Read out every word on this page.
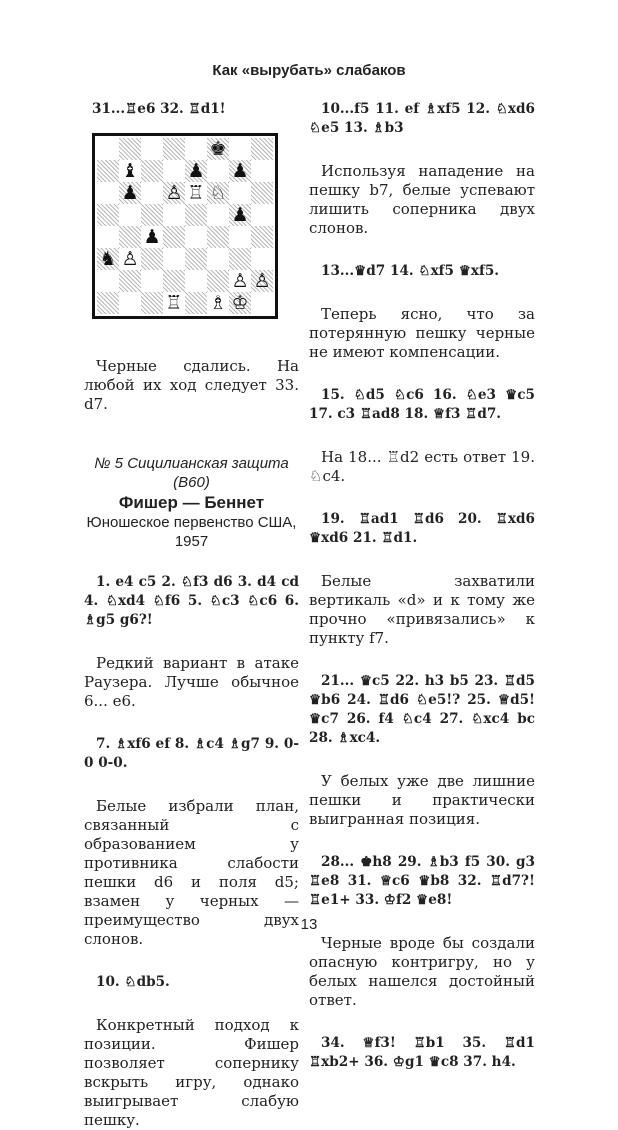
Как «вырубать» слабаков

31...♖e6 32. ♖d1!

♚
♝	♟ ♟
♟ ♙ ♖ ♘
♟
♟
♞ ♙
♙ ♙
♖ ♗ ♔

Черные сдались. На любой их ход следует 33. d7.

№ 5 Сицилианская защита (B60)

Фишер — Беннет

Юношеское первенство США, 1957

1. e4 c5 2. ♘f3 d6 3. d4 cd 4. ♘xd4 ♘f6 5. ♘c3 ♘c6 6. ♗g5 g6?!

Редкий вариант в атаке Раузера. Лучше обычное 6... e6.

7. ♗xf6 ef 8. ♗c4 ♗g7 9. 0-0 0-0.

Белые избрали план, связанный с образованием у противника слабости пешки d6 и поля d5; взамен у черных — преимущество двух слонов.

10. ♘db5.

Конкретный подход к позиции. Фишер позволяет сопернику вскрыть игру, однако выигрывает слабую пешку.

10...f5 11. ef ♗xf5 12. ♘xd6 ♘e5 13. ♗b3

Используя нападение на пешку b7, белые успевают лишить соперника двух слонов.

13...♛d7 14. ♘xf5 ♛xf5.

Теперь ясно, что за потерянную пешку черные не имеют компенсации.

15. ♘d5 ♘c6 16. ♘e3 ♛c5 17. c3 ♖ad8 18. ♕f3 ♖d7.

На 18... ♖d2 есть ответ 19. ♘c4.

19. ♖ad1 ♖d6 20. ♖xd6 ♛xd6 21. ♖d1.

Белые захватили вертикаль «d» и к тому же прочно «привязались» к пункту f7.

21... ♛c5 22. h3 b5 23. ♖d5 ♛b6 24. ♖d6 ♘e5!? 25. ♕d5! ♛c7 26. f4 ♘c4 27. ♘xc4 bc 28. ♗xc4.

У белых уже две лишние пешки и практически выигранная позиция.

28... ♚h8 29. ♗b3 f5 30. g3 ♖e8 31. ♕c6 ♛b8 32. ♖d7?! ♖e1+ 33. ♔f2 ♛e8!

Черные вроде бы создали опасную контригру, но у белых нашелся достойный ответ.

34. ♕f3! ♖b1 35. ♖d1 ♖xb2+ 36. ♔g1 ♛c8 37. h4.

13
